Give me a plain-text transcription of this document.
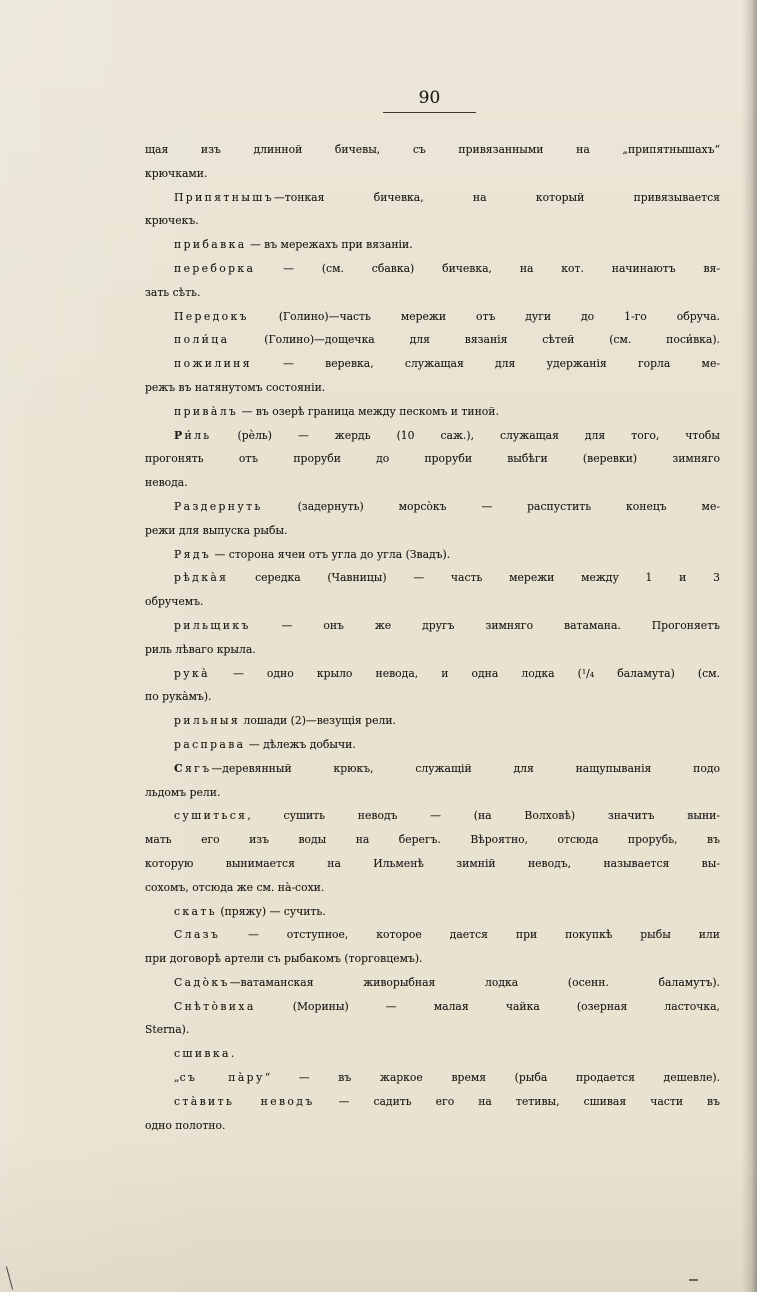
90
щая изъ длинной бичевы, съ привязанными на „припятнышахъ“
крючками.
Припятнышъ—тонкая бичевка, на который привязывается
крючекъ.
прибавка — въ мережахъ при вязаніи.
переборка — (см. сбавка) бичевка, на кот. начинаютъ вя-
зать сѣть.
Передокъ (Голино)—часть мережи отъ дуги до 1-го обруча.
поли́ца (Голино)—дощечка для вязанія сѣтей (см. поси́вка).
пожилиня — веревка, служащая для удержанія горла ме-
режъ въ натянутомъ состояніи.
прива̀лъ — въ озерѣ граница между пескомъ и тиной.
Ри́ль (рѐль) — жердь (10 саж.), служащая для того, чтобы
прогонять отъ проруби до проруби выбѣги (веревки) зимняго
невода.
Раздернуть (задернуть) морсо̀къ — распустить конецъ ме-
режи для выпуска рыбы.
Рядъ — сторона ячеи отъ угла до угла (Звадъ).
рѣдка̀я середка (Чавницы) — часть мережи между 1 и 3
обручемъ.
рильщикъ — онъ же другъ зимняго ватамана. Прогоняетъ
риль лѣваго крыла.
рука̀ — одно крыло невода, и одна лодка (¹/₄ баламута) (см.
по рука̀мъ).
рильныя лошади (2)—везущія рели.
расправа — дѣлежъ добычи.
Сягъ—деревянный крюкъ, служащій для нащупыванія подо
льдомъ рели.
сушиться, сушить неводъ — (на Волховѣ) значитъ выни-
мать его изъ воды на берегъ. Вѣроятно, отсюда прорубь, въ
которую вынимается на Ильменѣ зимній неводъ, называется вы-
сохомъ, отсюда же см. на̀-сохи.
скать (пряжу) — сучить.
Слазъ — отступное, которое дается при покупкѣ рыбы или
при договорѣ артели съ рыбакомъ (торговцемъ).
Садо̀къ—ватаманская живорыбная лодка (осенн. баламутъ).
Снѣто̀виха (Морины) — малая чайка (озерная ласточка,
Sterna).
сшивка.
„съ па̀ру“ — въ жаркое время (рыба продается дешевле).
ста̀вить неводъ — садить его на тетивы, сшивая части въ
одно полотно.
